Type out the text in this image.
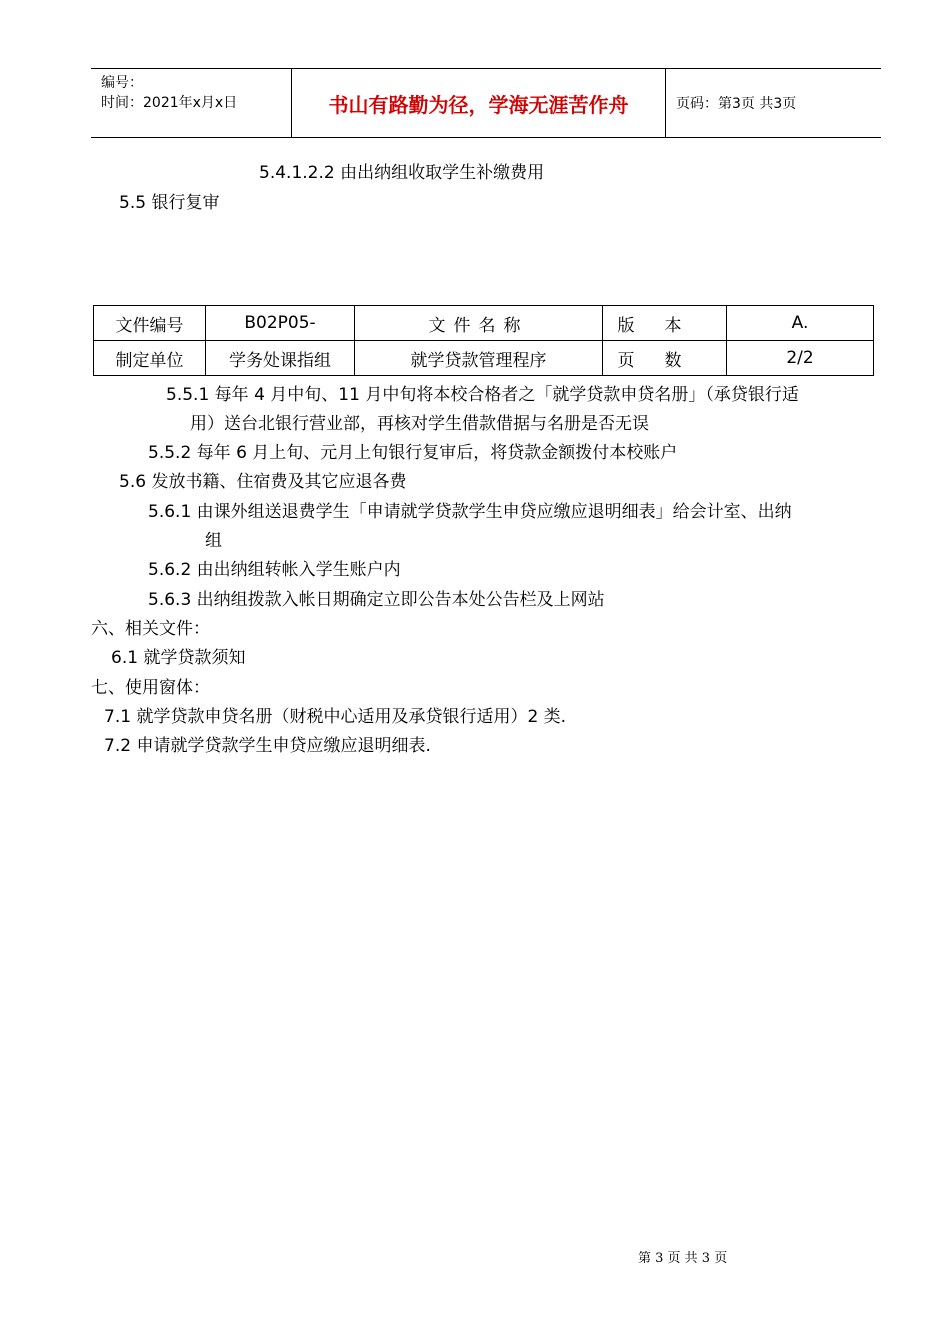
编号：
时间：2021年x月x日	书山有路勤为径，学海无涯苦作舟	页码：第3页 共3页
5.4.1.2.2 由出纳组收取学生补缴费用
5.5 银行复审
文件编号	B02P05-	文件名称	版本	A.
制定单位	学务处课指组	就学贷款管理程序	页数	2/2
5.5.1 每年 4 月中旬、11 月中旬将本校合格者之「就学贷款申贷名册」（承贷银行适
用）送台北银行营业部，再核对学生借款借据与名册是否无误
5.5.2 每年 6 月上旬、元月上旬银行复审后，将贷款金额拨付本校账户
5.6 发放书籍、住宿费及其它应退各费
5.6.1 由课外组送退费学生「申请就学贷款学生申贷应缴应退明细表」给会计室、出纳
组
5.6.2 由出纳组转帐入学生账户内
5.6.3 出纳组拨款入帐日期确定立即公告本处公告栏及上网站
六、相关文件：
6.1 就学贷款须知
七、使用窗体：
7.1 就学贷款申贷名册（财税中心适用及承贷银行适用）2 类.
7.2 申请就学贷款学生申贷应缴应退明细表.
第 3 页 共 3 页
